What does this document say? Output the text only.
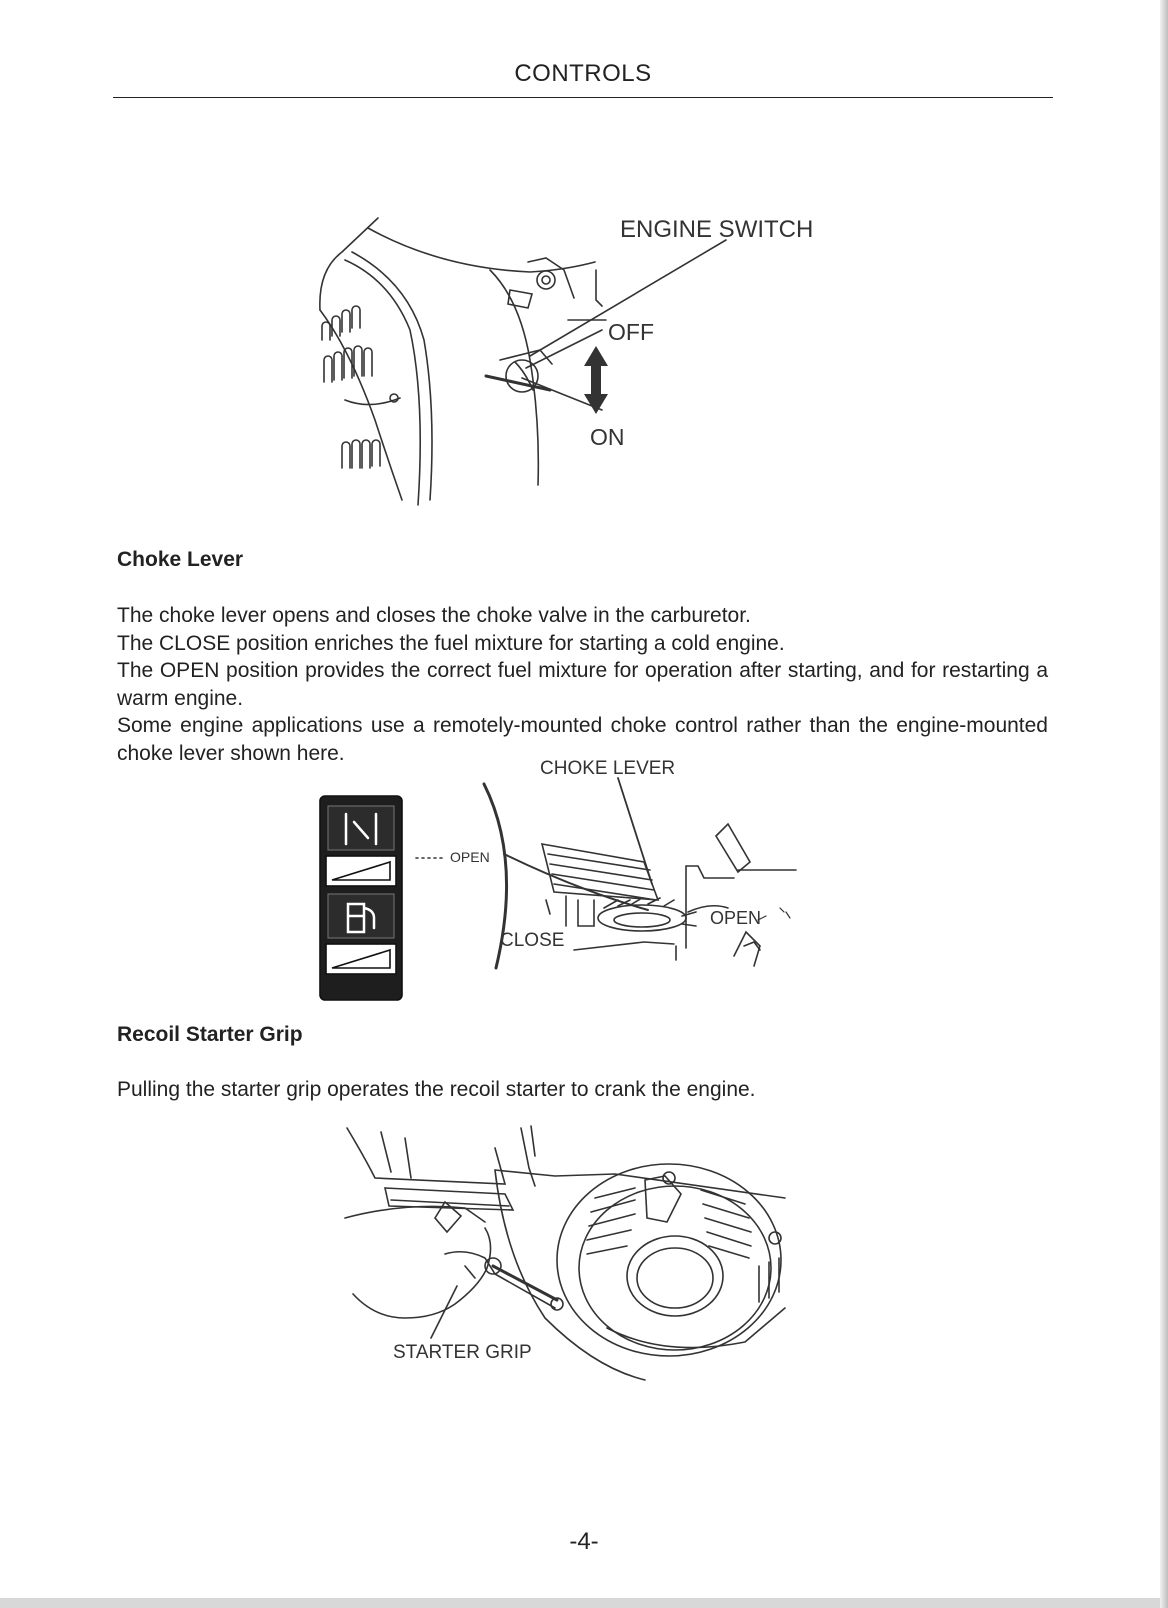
CONTROLS
ENGINE SWITCH
OFF
ON
Choke Lever

The choke lever opens and closes the choke valve in the carburetor.

The CLOSE position enriches the fuel mixture for starting a cold engine.

The OPEN position provides the correct fuel mixture for operation after starting, and for restarting a warm engine.

Some engine applications use a remotely-mounted choke control rather than the engine-mounted choke lever shown here.

OPEN
CHOKE LEVER
OPEN
CLOSE
Recoil Starter Grip

Pulling the starter grip operates the recoil starter to crank the engine.

STARTER GRIP
-4-
